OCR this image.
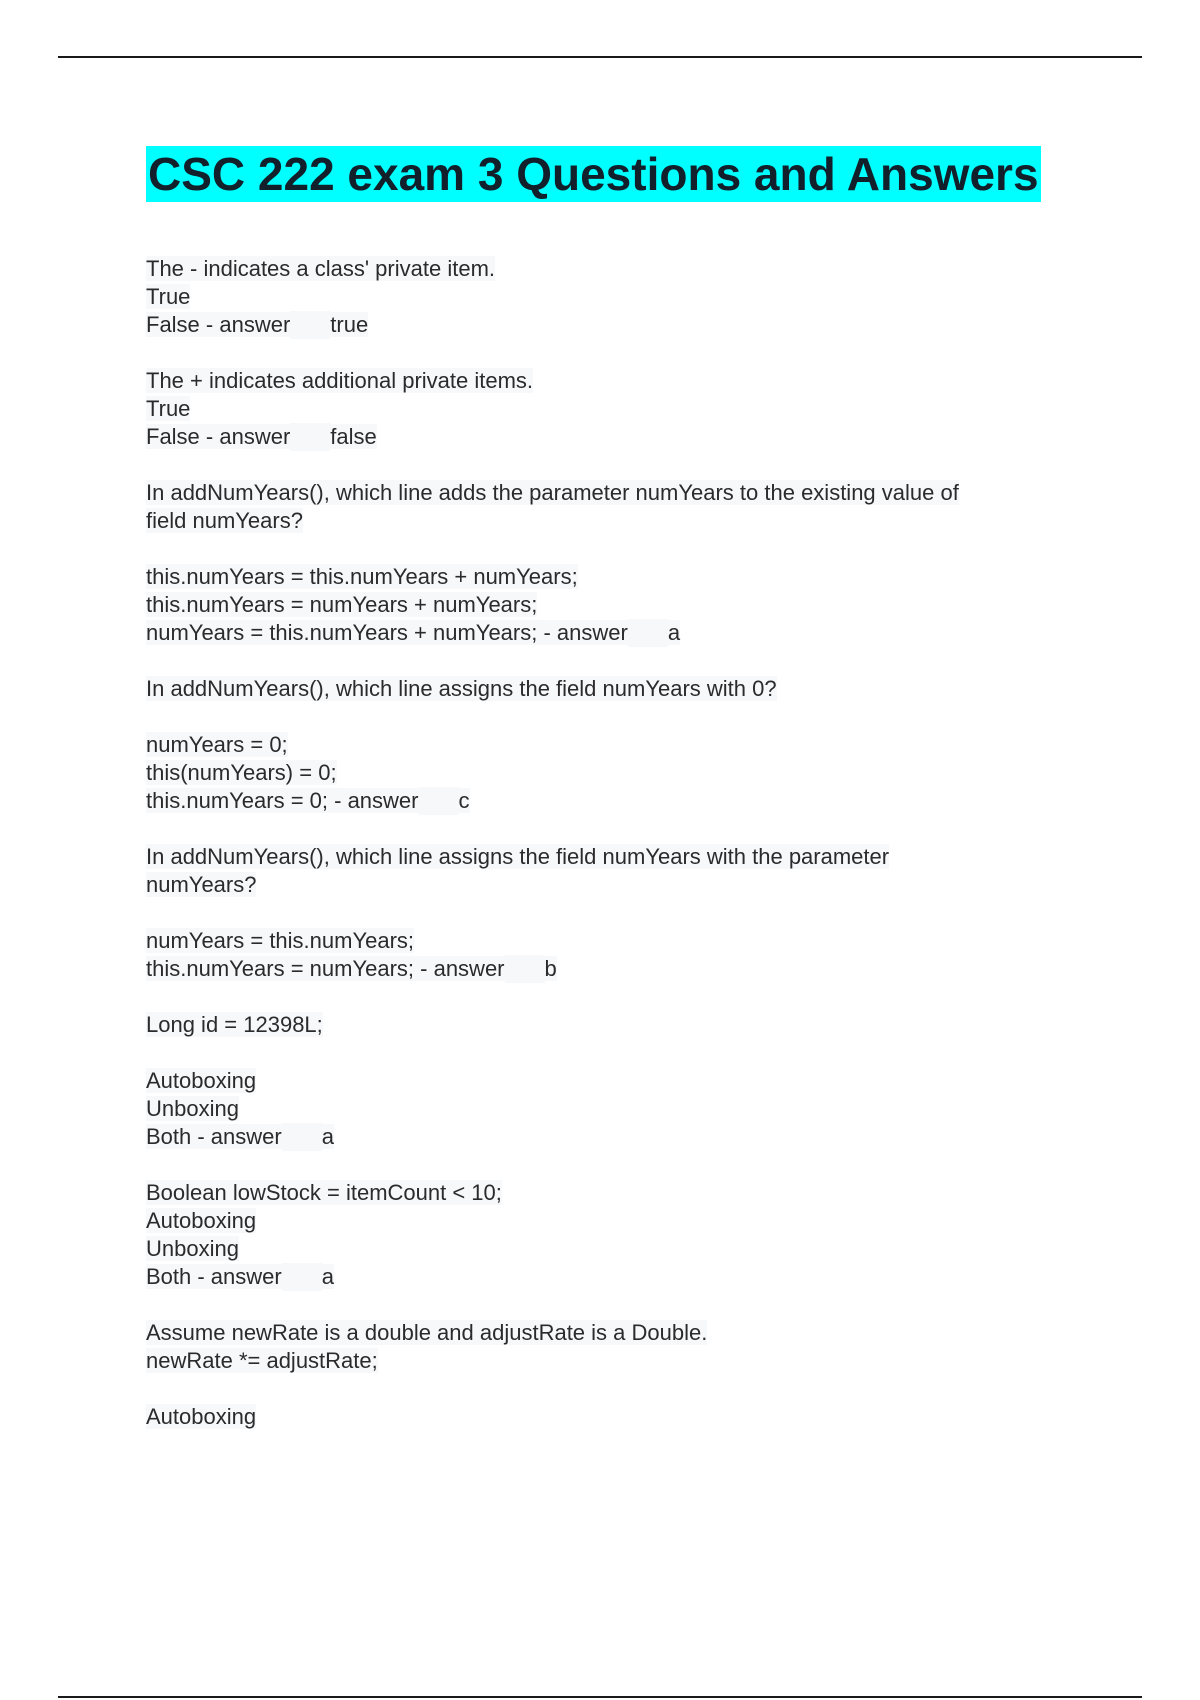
CSC 222 exam 3 Questions and Answers
The - indicates a class' private item.
True
False - answer true
The + indicates additional private items.
True
False - answer false
In addNumYears(), which line adds the parameter numYears to the existing value of
field numYears?
this.numYears = this.numYears + numYears;
this.numYears = numYears + numYears;
numYears = this.numYears + numYears; - answer a
In addNumYears(), which line assigns the field numYears with 0?
numYears = 0;
this(numYears) = 0;
this.numYears = 0; - answer c
In addNumYears(), which line assigns the field numYears with the parameter
numYears?
numYears = this.numYears;
this.numYears = numYears; - answer b
Long id = 12398L;
Autoboxing
Unboxing
Both - answer a
Boolean lowStock = itemCount < 10;
Autoboxing
Unboxing
Both - answer a
Assume newRate is a double and adjustRate is a Double.
newRate *= adjustRate;
Autoboxing
